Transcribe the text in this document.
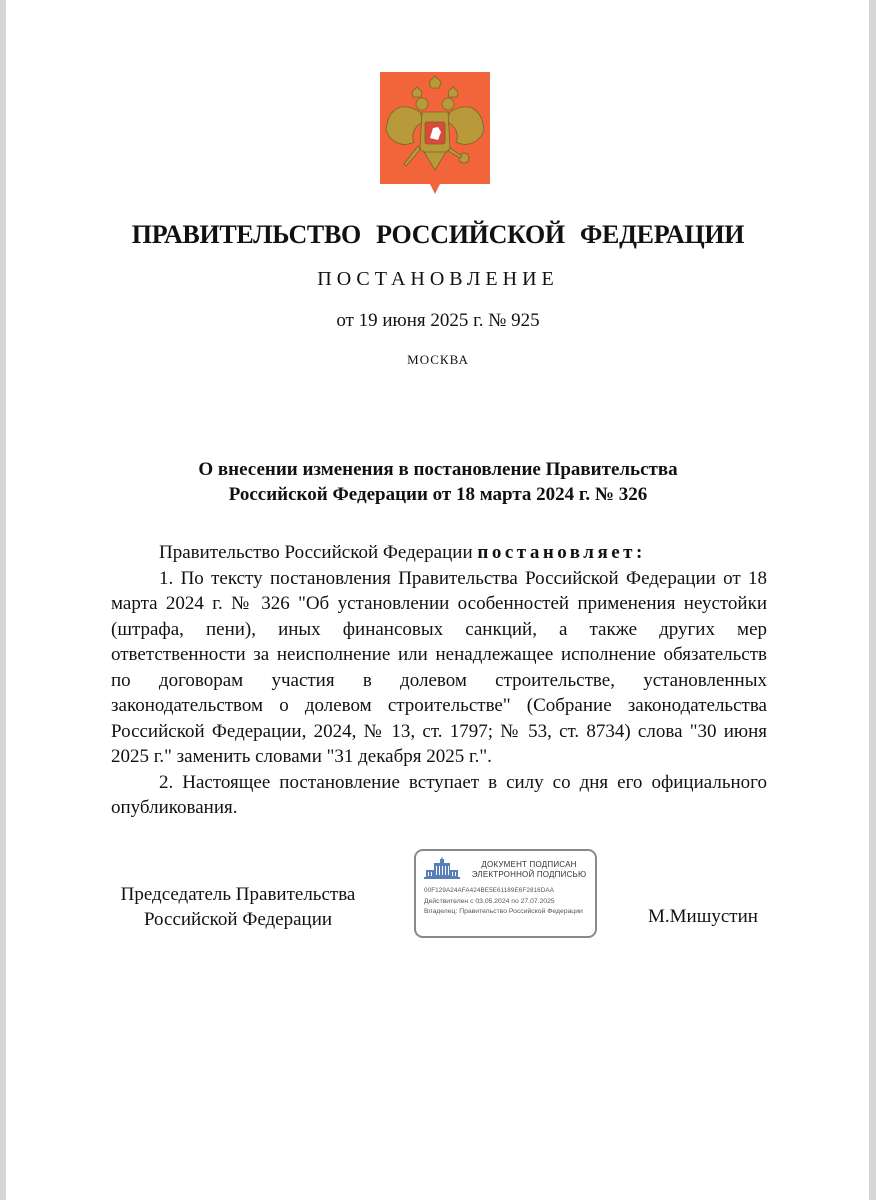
ПРАВИТЕЛЬСТВО РОССИЙСКОЙ ФЕДЕРАЦИИ
ПОСТАНОВЛЕНИЕ
от 19 июня 2025 г. № 925
МОСКВА
О внесении изменения в постановление Правительства
Российской Федерации от 18 марта 2024 г. № 326

Правительство Российской Федерации постановляет:

1. По тексту постановления Правительства Российской Федерации от 18 марта 2024 г. № 326 "Об установлении особенностей применения неустойки (штрафа, пени), иных финансовых санкций, а также других мер ответственности за неисполнение или ненадлежащее исполнение обязательств по договорам участия в долевом строительстве, установленных законодательством о долевом строительстве" (Собрание законодательства Российской Федерации, 2024, № 13, ст. 1797; № 53, ст. 8734) слова "30 июня 2025 г." заменить словами "31 декабря 2025 г.".

2. Настоящее постановление вступает в силу со дня его официального опубликования.

Председатель Правительства
Российской Федерации
ДОКУМЕНТ ПОДПИСАН
ЭЛЕКТРОННОЙ ПОДПИСЬЮ
00F129A24AFA424BE5E61189E6F2816DAA
Действителен с 03.05.2024 по 27.07.2025
Владелец: Правительство Российской Федерации	М.Мишустин
